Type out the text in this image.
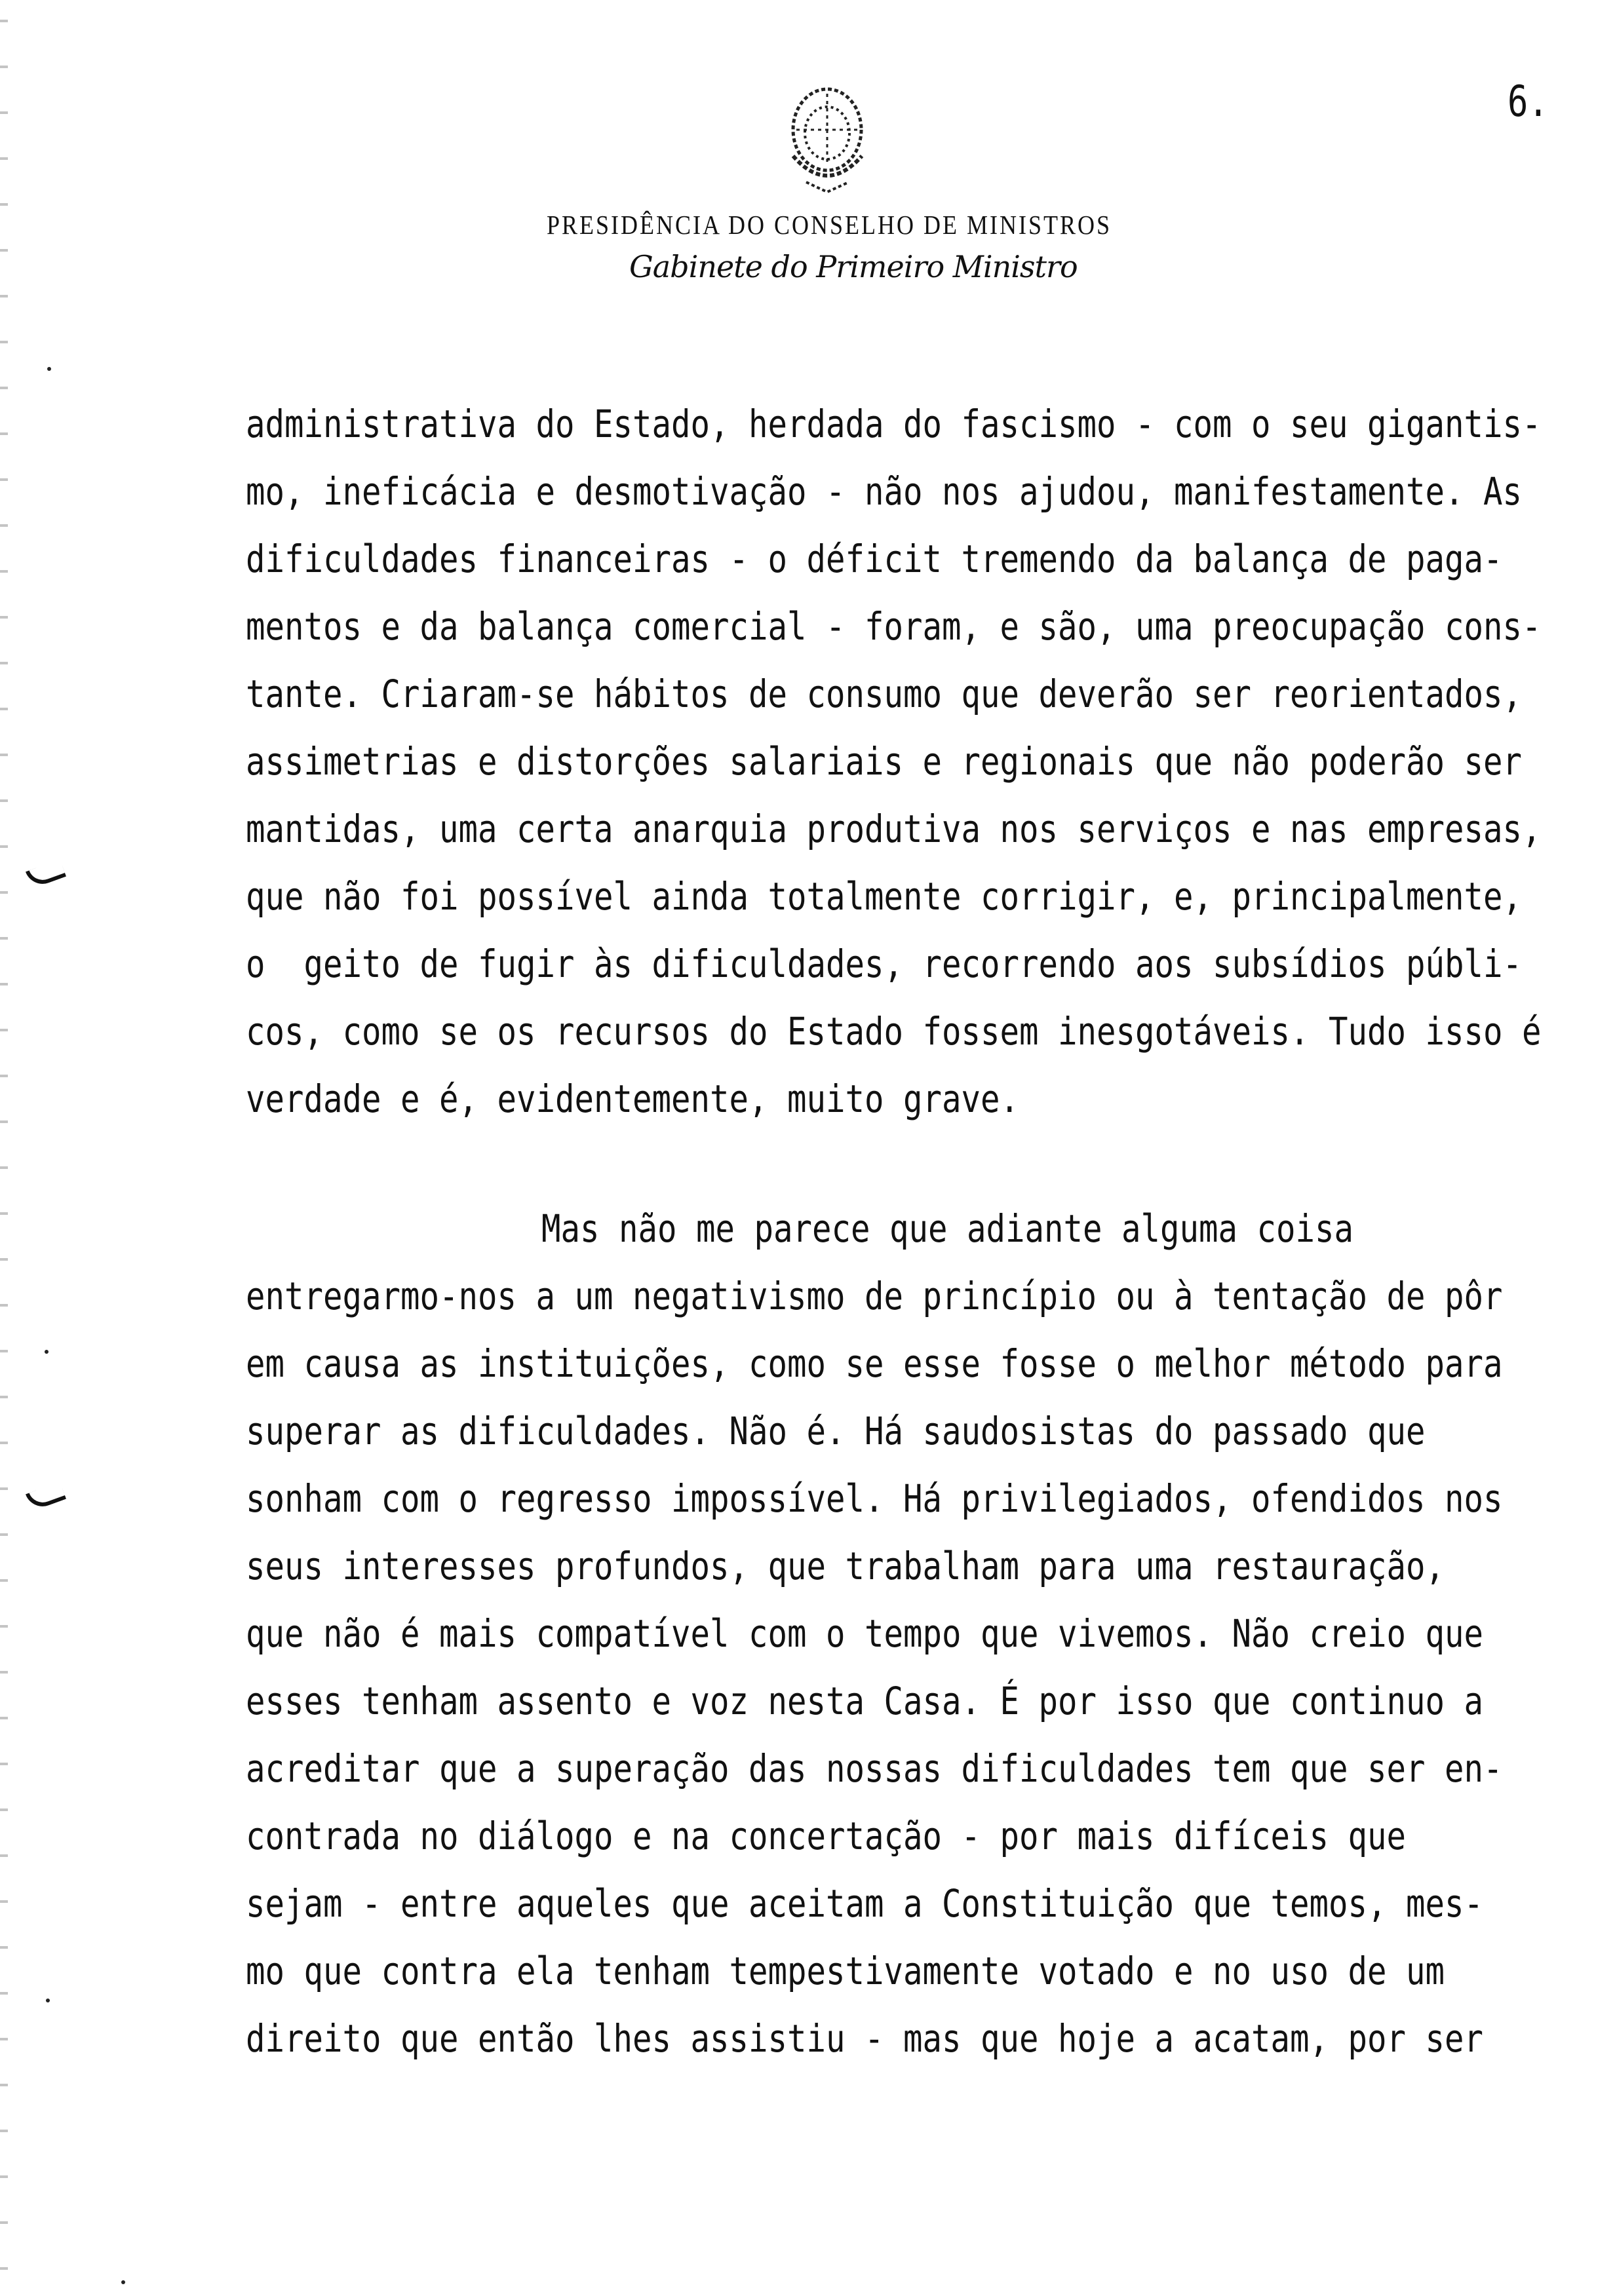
6.
PRESIDÊNCIA DO CONSELHO DE MINISTROS
Gabinete do Primeiro Ministro
administrativa do Estado, herdada do fascismo - com o seu gigantis-
mo, ineficácia e desmotivação - não nos ajudou, manifestamente. As
dificuldades financeiras - o déficit tremendo da balança de paga-
mentos e da balança comercial - foram, e são, uma preocupação cons-
tante. Criaram-se hábitos de consumo que deverão ser reorientados,
assimetrias e distorções salariais e regionais que não poderão ser
mantidas, uma certa anarquia produtiva nos serviços e nas empresas,
que não foi possível ainda totalmente corrigir, e, principalmente,
o  geito de fugir às dificuldades, recorrendo aos subsídios públi-
cos, como se os recursos do Estado fossem inesgotáveis. Tudo isso é
verdade e é, evidentemente, muito grave.
Mas não me parece que adiante alguma coisa
entregarmo-nos a um negativismo de princípio ou à tentação de pôr
em causa as instituições, como se esse fosse o melhor método para
superar as dificuldades. Não é. Há saudosistas do passado que
sonham com o regresso impossível. Há privilegiados, ofendidos nos
seus interesses profundos, que trabalham para uma restauração,
que não é mais compatível com o tempo que vivemos. Não creio que
esses tenham assento e voz nesta Casa. É por isso que continuo a
acreditar que a superação das nossas dificuldades tem que ser en-
contrada no diálogo e na concertação - por mais difíceis que
sejam - entre aqueles que aceitam a Constituição que temos, mes-
mo que contra ela tenham tempestivamente votado e no uso de um
direito que então lhes assistiu - mas que hoje a acatam, por ser
